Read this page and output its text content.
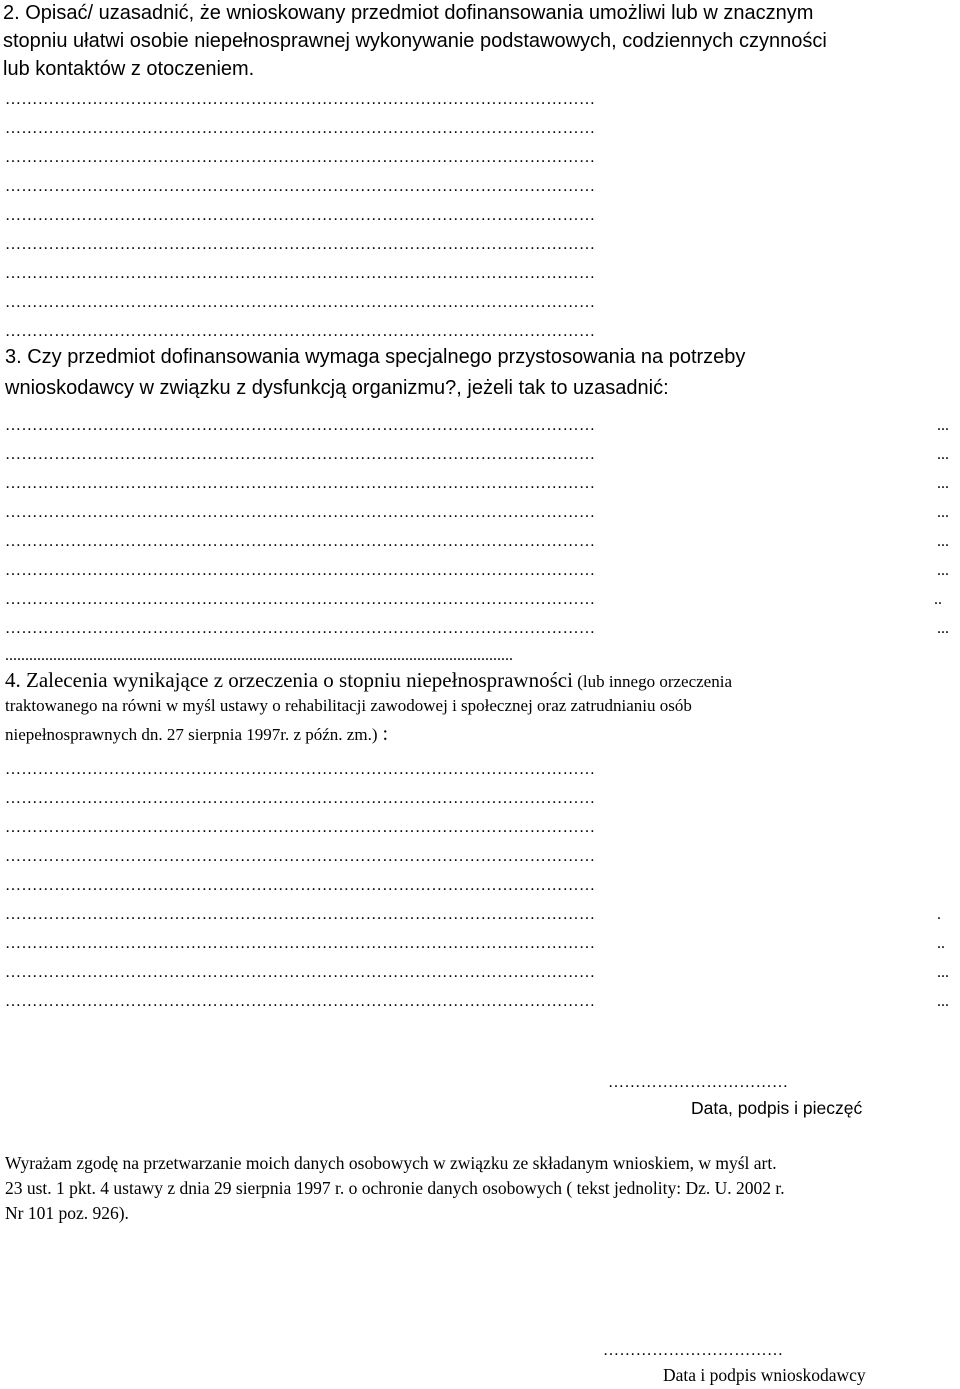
2. Opisać/ uzasadnić, że wnioskowany przedmiot dofinansowania umożliwi lub w znacznym
stopniu ułatwi osobie niepełnosprawnej wykonywanie podstawowych, codziennych czynności
lub kontaktów z otoczeniem.
………………………………………………………………………………………………
………………………………………………………………………………………………
………………………………………………………………………………………………
………………………………………………………………………………………………
………………………………………………………………………………………………
………………………………………………………………………………………………
………………………………………………………………………………………………
………………………………………………………………………………………………
………………………………………………………………………………………………
3. Czy przedmiot dofinansowania wymaga specjalnego przystosowania na potrzeby
wnioskodawcy w związku z dysfunkcją organizmu?, jeżeli tak to uzasadnić:
………………………………………………………………………………………………	...
………………………………………………………………………………………………	...
………………………………………………………………………………………………	...
………………………………………………………………………………………………	...
………………………………………………………………………………………………	...
………………………………………………………………………………………………	...
………………………………………………………………………………………………	..
………………………………………………………………………………………………	...
...............................................................................................................................
4. Zalecenia wynikające z orzeczenia o stopniu niepełnosprawności (lub innego orzeczenia
traktowanego na równi w myśl ustawy o rehabilitacji zawodowej i społecznej oraz zatrudnianiu osób
niepełnosprawnych dn. 27 sierpnia 1997r. z późn. zm.) :
………………………………………………………………………………………………
………………………………………………………………………………………………
………………………………………………………………………………………………
………………………………………………………………………………………………
………………………………………………………………………………………………
………………………………………………………………………………………………	.
………………………………………………………………………………………………	..
………………………………………………………………………………………………	...
………………………………………………………………………………………………	...
……………………………
Data, podpis i pieczęć
Wyrażam zgodę na przetwarzanie moich danych osobowych w związku ze składanym wnioskiem, w myśl art.
23 ust. 1 pkt. 4 ustawy z dnia 29 sierpnia 1997 r. o ochronie danych osobowych ( tekst jednolity: Dz. U. 2002 r.
Nr 101 poz. 926).
……………………………
Data i podpis wnioskodawcy
